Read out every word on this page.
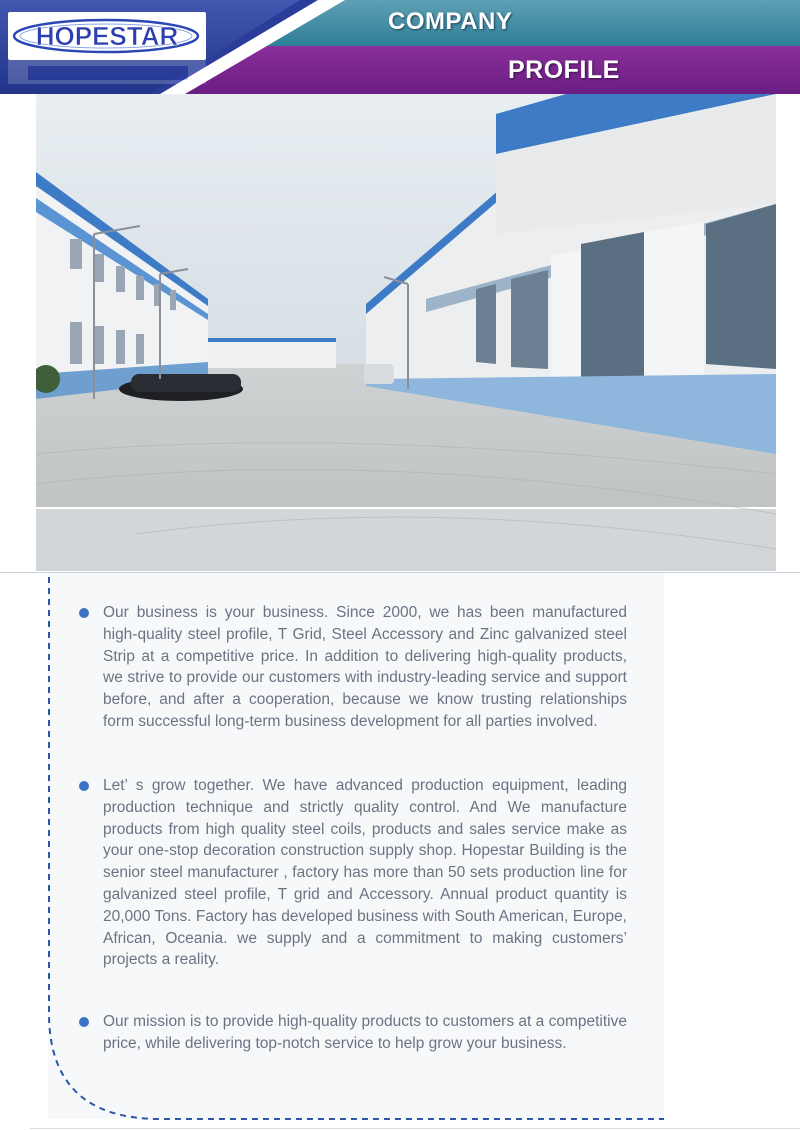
HOPESTAR	COMPANY
PROFILE
Our business is your business. Since 2000, we has been manufactured high-quality steel profile, T Grid, Steel Accessory and Zinc galvanized steel Strip at a competitive price. In addition to delivering high-quality products, we strive to provide our customers with industry-leading service and support before, and after a cooperation, because we know trusting relationships form successful long-term business development for all parties involved.
Let’ s grow together. We have advanced production equipment, leading production technique and strictly quality control. And We manufacture products from high quality steel coils, products and sales service make as your one-stop decoration construction supply shop. Hopestar Building is the senior steel manufacturer , factory has more than 50 sets production line for galvanized steel profile, T grid and Accessory. Annual product quantity is 20,000 Tons. Factory has developed business with South American, Europe, African, Oceania. we supply and a commitment to making customers’ projects a reality.
Our mission is to provide high-quality products to customers at a competitive price, while delivering top-notch service to help grow your business.
